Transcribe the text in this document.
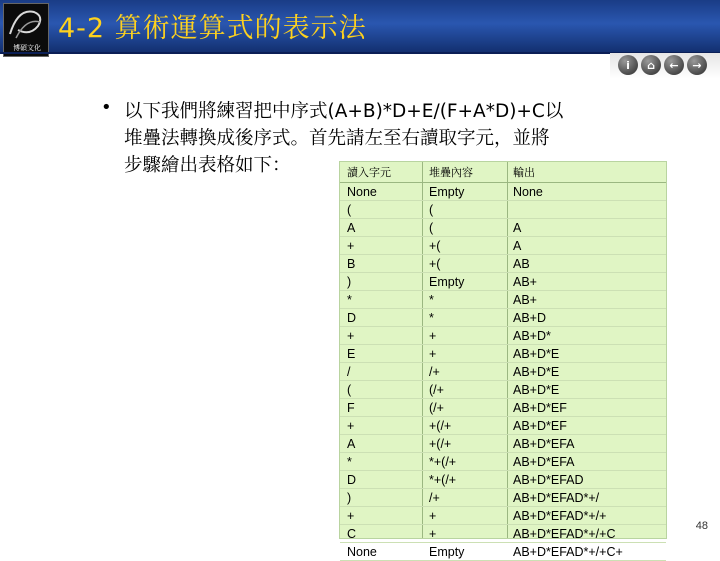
博碩文化
4-2 算術運算式的表示法
i	⌂	←	→
• 以下我們將練習把中序式(A+B)*D+E/(F+A*D)+C以
堆疊法轉換成後序式。首先請左至右讀取字元，並將
步驟繪出表格如下：	讀入字元	堆疊內容	輸出
None	Empty	None
(	(
A	(	A
+	+(	A
B	+(	AB
)	Empty	AB+
*	*	AB+
D	*	AB+D
+	+	AB+D*
E	+	AB+D*E
/	/+	AB+D*E
(	(/+	AB+D*E
F	(/+	AB+D*EF
+	+(/+	AB+D*EF
A	+(/+	AB+D*EFA
*	*+(/+	AB+D*EFA
D	*+(/+	AB+D*EFAD
)	/+	AB+D*EFAD*+/
+	+	AB+D*EFAD*+/+
C	+	AB+D*EFAD*+/+C
None	Empty	AB+D*EFAD*+/+C+
48
